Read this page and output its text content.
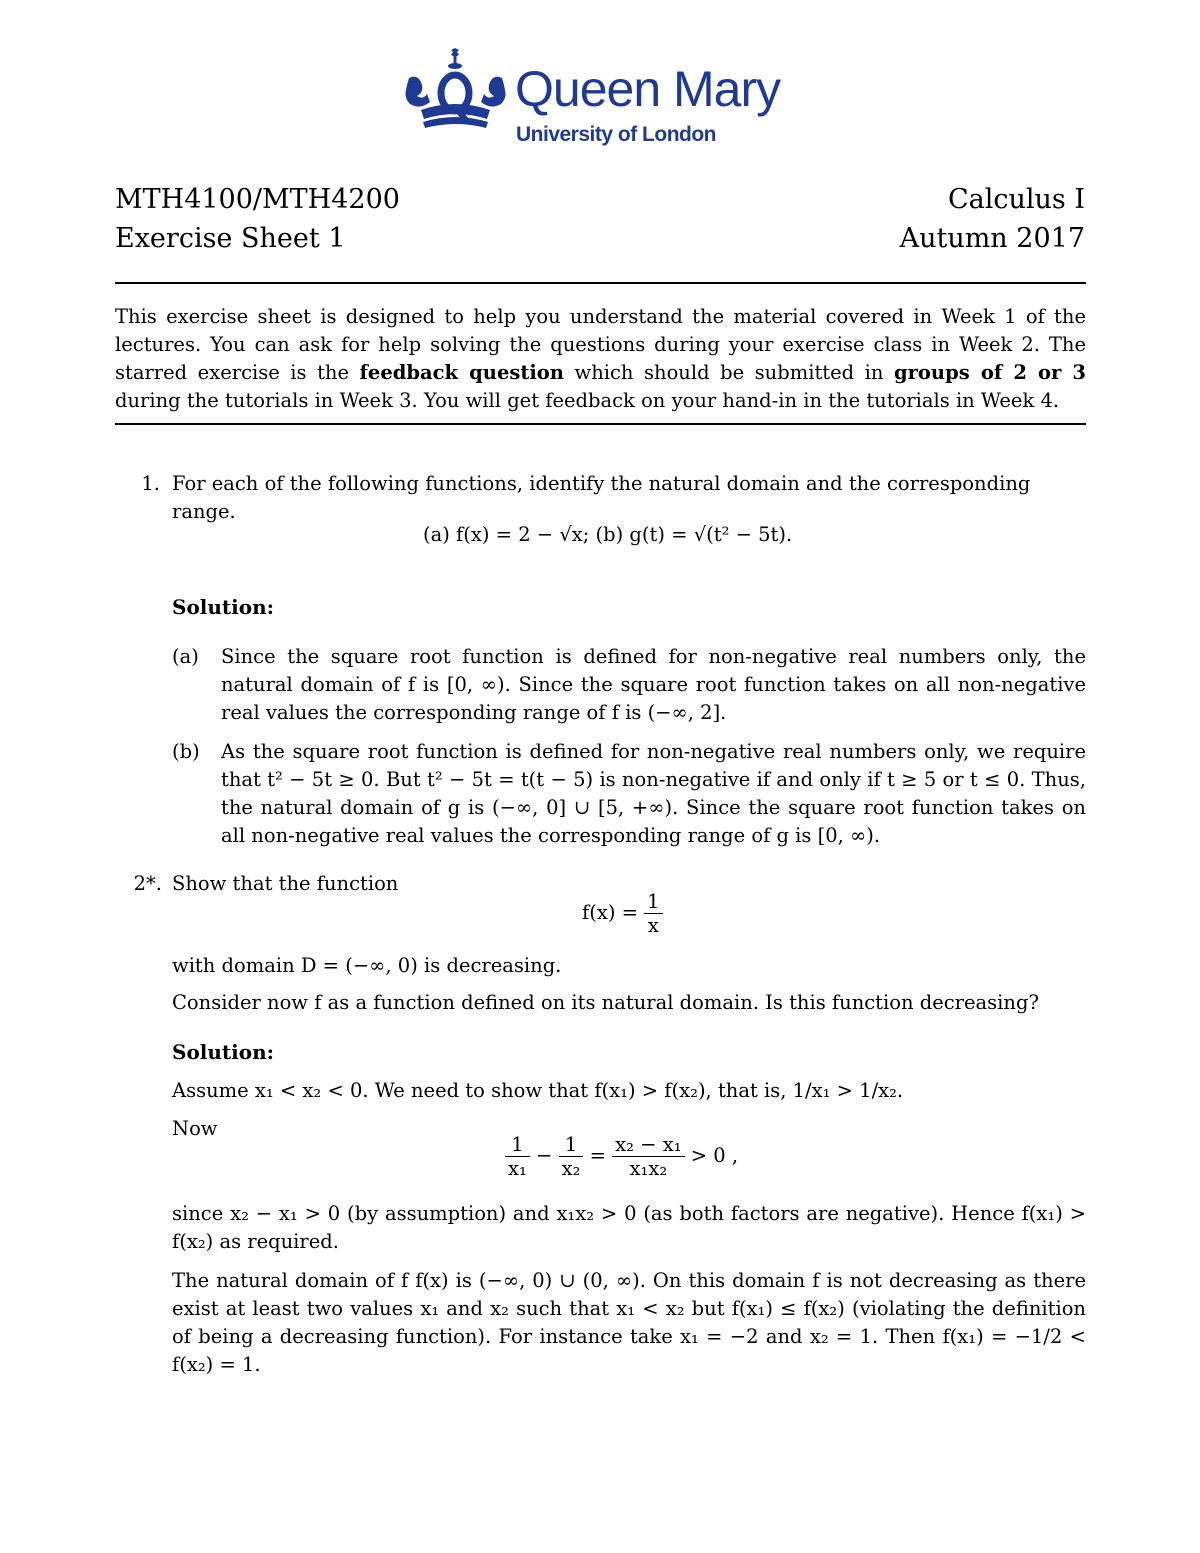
Queen Mary
University of London
MTH4100/MTH4200	Calculus I
Exercise Sheet 1	Autumn 2017
This exercise sheet is designed to help you understand the material covered in Week 1 of the lectures. You can ask for help solving the questions during your exercise class in Week 2. The starred exercise is the feedback question which should be submitted in groups of 2 or 3 during the tutorials in Week 3. You will get feedback on your hand-in in the tutorials in Week 4.
1. For each of the following functions, identify the natural domain and the corresponding range.
(a) f(x) = 2 − √x; (b) g(t) = √(t² − 5t).
Solution:
(a)	Since the square root function is defined for non-negative real numbers only, the natural domain of f is [0, ∞). Since the square root function takes on all non-negative real values the corresponding range of f is (−∞, 2].
(b)	As the square root function is defined for non-negative real numbers only, we require that t² − 5t ≥ 0. But t² − 5t = t(t − 5) is non-negative if and only if t ≥ 5 or t ≤ 0. Thus, the natural domain of g is (−∞, 0] ∪ [5, +∞). Since the square root function takes on all non-negative real values the corresponding range of g is [0, ∞).
2*. Show that the function
$f(x) = \frac{1}{x}$
with domain D = (−∞, 0) is decreasing.
Consider now f as a function defined on its natural domain. Is this function decreasing?
Solution:
Assume x₁ < x₂ < 0. We need to show that f(x₁) > f(x₂), that is, 1/x₁ > 1/x₂.
Now
$\frac{1}{\text{x₁}} - \frac{1}{\text{x₂}} = \frac{\text{x₂ − x₁}}{\text{x₁x₂}} > 0$ ,
since x₂ − x₁ > 0 (by assumption) and x₁x₂ > 0 (as both factors are negative). Hence f(x₁) > f(x₂) as required.
The natural domain of f f(x) is (−∞, 0) ∪ (0, ∞). On this domain f is not decreasing as there exist at least two values x₁ and x₂ such that x₁ < x₂ but f(x₁) ≤ f(x₂) (violating the definition of being a decreasing function). For instance take x₁ = −2 and x₂ = 1. Then f(x₁) = −1/2 < f(x₂) = 1.
